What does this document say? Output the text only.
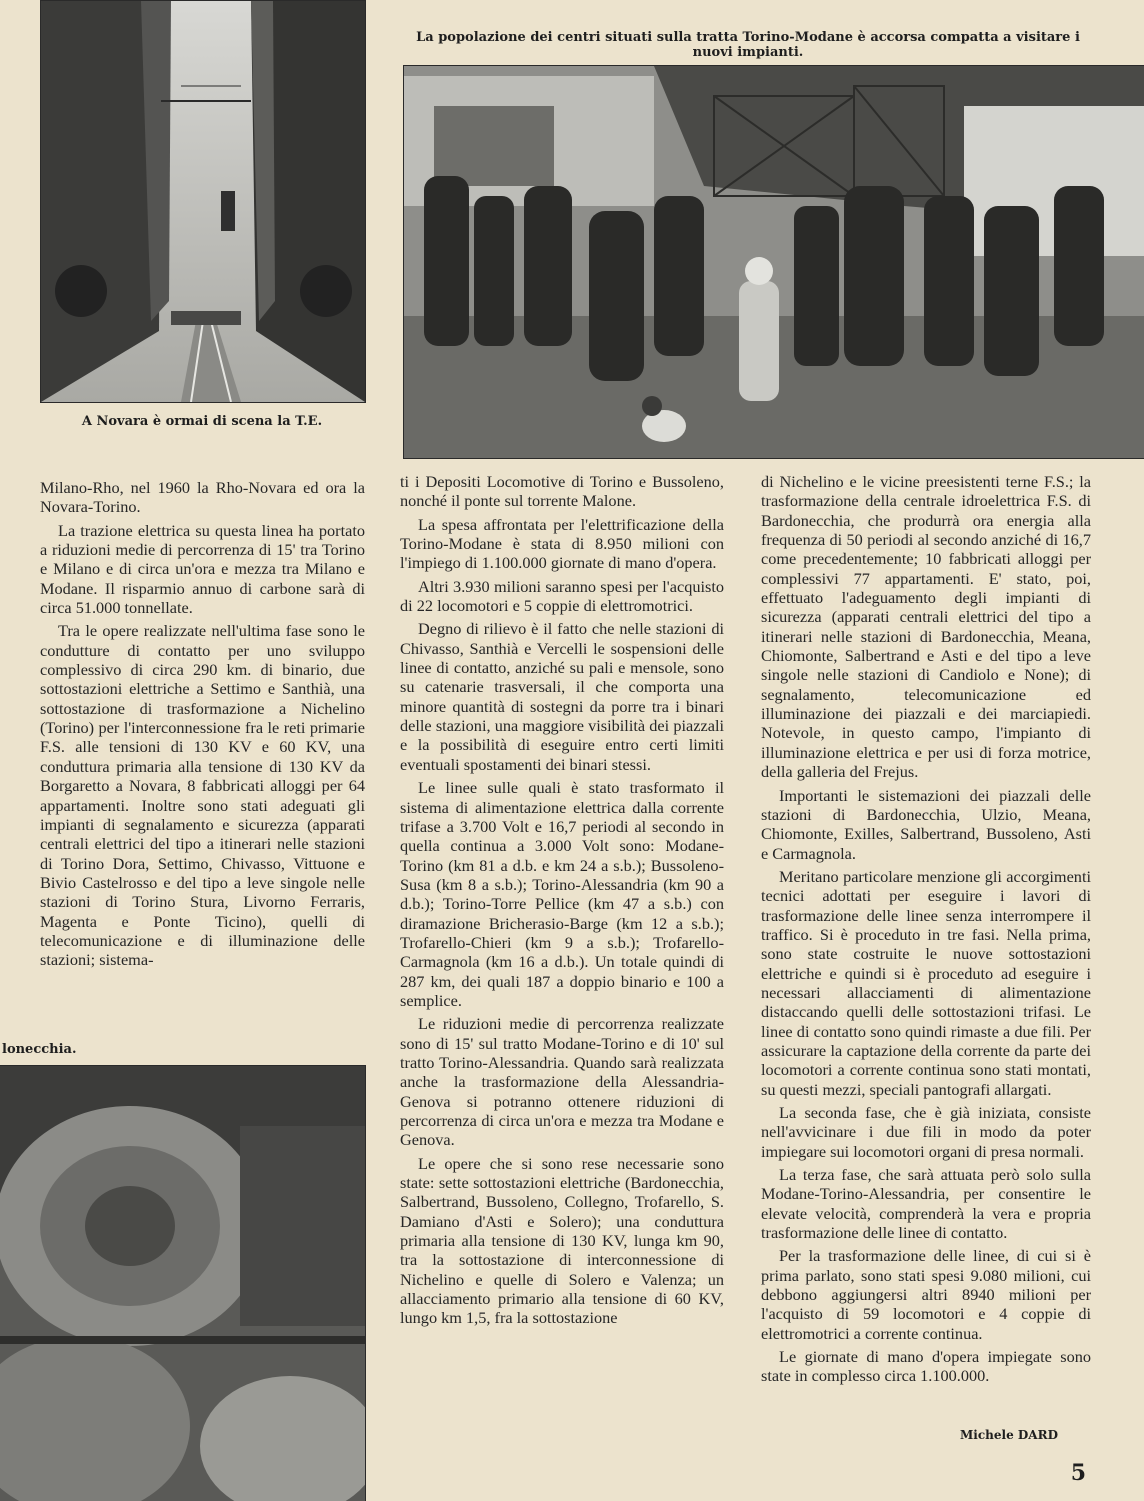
A Novara è ormai di scena la T.E.
La popolazione dei centri situati sulla tratta Torino-Modane è accorsa compatta a visitare i nuovi impianti.
lonecchia.

Milano-Rho, nel 1960 la Rho-Novara ed ora la Novara-Torino.

La trazione elettrica su questa linea ha portato a riduzioni medie di percorrenza di 15' tra Torino e Milano e di circa un'ora e mezza tra Milano e Modane. Il risparmio annuo di carbone sarà di circa 51.000 tonnellate.

Tra le opere realizzate nell'ultima fase sono le condutture di contatto per uno sviluppo complessivo di circa 290 km. di binario, due sottostazioni elettriche a Settimo e Santhià, una sottostazione di trasformazione a Nichelino (Torino) per l'interconnessione fra le reti primarie F.S. alle tensioni di 130 KV e 60 KV, una conduttura primaria alla tensione di 130 KV da Borgaretto a Novara, 8 fabbricati alloggi per 64 appartamenti. Inoltre sono stati adeguati gli impianti di segnalamento e sicurezza (apparati centrali elettrici del tipo a itinerari nelle stazioni di Torino Dora, Settimo, Chivasso, Vittuone e Bivio Castelrosso e del tipo a leve singole nelle stazioni di Torino Stura, Livorno Ferraris, Magenta e Ponte Ticino), quelli di telecomunicazione e di illuminazione delle stazioni; sistema-

ti i Depositi Locomotive di Torino e Bussoleno, nonché il ponte sul torrente Malone.

La spesa affrontata per l'elettrificazione della Torino-Modane è stata di 8.950 milioni con l'impiego di 1.100.000 giornate di mano d'opera.

Altri 3.930 milioni saranno spesi per l'acquisto di 22 locomotori e 5 coppie di elettromotrici.

Degno di rilievo è il fatto che nelle stazioni di Chivasso, Santhià e Vercelli le sospensioni delle linee di contatto, anziché su pali e mensole, sono su catenarie trasversali, il che comporta una minore quantità di sostegni da porre tra i binari delle stazioni, una maggiore visibilità dei piazzali e la possibilità di eseguire entro certi limiti eventuali spostamenti dei binari stessi.

Le linee sulle quali è stato trasformato il sistema di alimentazione elettrica dalla corrente trifase a 3.700 Volt e 16,7 periodi al secondo in quella continua a 3.000 Volt sono: Modane-Torino (km 81 a d.b. e km 24 a s.b.); Bussoleno-Susa (km 8 a s.b.); Torino-Alessandria (km 90 a d.b.); Torino-Torre Pellice (km 47 a s.b.) con diramazione Bricherasio-Barge (km 12 a s.b.); Trofarello-Chieri (km 9 a s.b.); Trofarello-Carmagnola (km 16 a d.b.). Un totale quindi di 287 km, dei quali 187 a doppio binario e 100 a semplice.

Le riduzioni medie di percorrenza realizzate sono di 15' sul tratto Modane-Torino e di 10' sul tratto Torino-Alessandria. Quando sarà realizzata anche la trasformazione della Alessandria-Genova si potranno ottenere riduzioni di percorrenza di circa un'ora e mezza tra Modane e Genova.

Le opere che si sono rese necessarie sono state: sette sottostazioni elettriche (Bardonecchia, Salbertrand, Bussoleno, Collegno, Trofarello, S. Damiano d'Asti e Solero); una conduttura primaria alla tensione di 130 KV, lunga km 90, tra la sottostazione di interconnessione di Nichelino e quelle di Solero e Valenza; un allacciamento primario alla tensione di 60 KV, lungo km 1,5, fra la sottostazione

di Nichelino e le vicine preesistenti terne F.S.; la trasformazione della centrale idroelettrica F.S. di Bardonecchia, che produrrà ora energia alla frequenza di 50 periodi al secondo anziché di 16,7 come precedentemente; 10 fabbricati alloggi per complessivi 77 appartamenti. E' stato, poi, effettuato l'adeguamento degli impianti di sicurezza (apparati centrali elettrici del tipo a itinerari nelle stazioni di Bardonecchia, Meana, Chiomonte, Salbertrand e Asti e del tipo a leve singole nelle stazioni di Candiolo e None); di segnalamento, telecomunicazione ed illuminazione dei piazzali e dei marciapiedi. Notevole, in questo campo, l'impianto di illuminazione elettrica e per usi di forza motrice, della galleria del Frejus.

Importanti le sistemazioni dei piazzali delle stazioni di Bardonecchia, Ulzio, Meana, Chiomonte, Exilles, Salbertrand, Bussoleno, Asti e Carmagnola.

Meritano particolare menzione gli accorgimenti tecnici adottati per eseguire i lavori di trasformazione delle linee senza interrompere il traffico. Si è proceduto in tre fasi. Nella prima, sono state costruite le nuove sottostazioni elettriche e quindi si è proceduto ad eseguire i necessari allacciamenti di alimentazione distaccando quelli delle sottostazioni trifasi. Le linee di contatto sono quindi rimaste a due fili. Per assicurare la captazione della corrente da parte dei locomotori a corrente continua sono stati montati, su questi mezzi, speciali pantografi allargati.

La seconda fase, che è già iniziata, consiste nell'avvicinare i due fili in modo da poter impiegare sui locomotori organi di presa normali.

La terza fase, che sarà attuata però solo sulla Modane-Torino-Alessandria, per consentire le elevate velocità, comprenderà la vera e propria trasformazione delle linee di contatto.

Per la trasformazione delle linee, di cui si è prima parlato, sono stati spesi 9.080 milioni, cui debbono aggiungersi altri 8940 milioni per l'acquisto di 59 locomotori e 4 coppie di elettromotrici a corrente continua.

Le giornate di mano d'opera impiegate sono state in complesso circa 1.100.000.

Michele DARD
5
